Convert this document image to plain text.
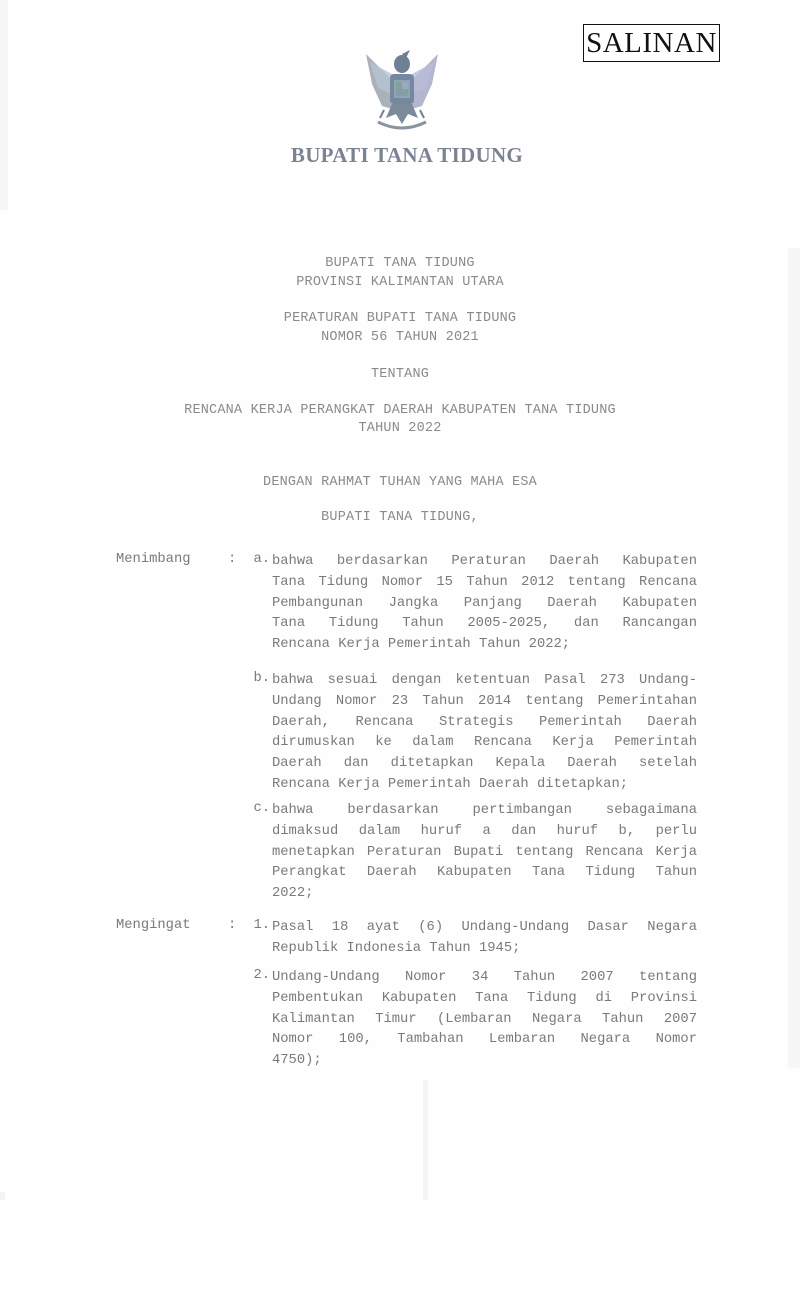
SALINAN
BUPATI TANA TIDUNG
BUPATI TANA TIDUNG
PROVINSI KALIMANTAN UTARA
PERATURAN BUPATI TANA TIDUNG
NOMOR 56 TAHUN 2021
TENTANG
RENCANA KERJA PERANGKAT DAERAH KABUPATEN TANA TIDUNG
TAHUN 2022
DENGAN RAHMAT TUHAN YANG MAHA ESA
BUPATI TANA TIDUNG,
Menimbang	: a. bahwa berdasarkan Peraturan Daerah Kabupaten
Tana Tidung Nomor 15 Tahun 2012 tentang Rencana
Pembangunan Jangka Panjang Daerah Kabupaten
Tana Tidung Tahun 2005-2025, dan Rancangan
Rencana Kerja Pemerintah Tahun 2022;
b. bahwa sesuai dengan ketentuan Pasal 273 Undang-
Undang Nomor 23 Tahun 2014 tentang Pemerintahan
Daerah, Rencana Strategis Pemerintah Daerah
dirumuskan ke dalam Rencana Kerja Pemerintah
Daerah dan ditetapkan Kepala Daerah setelah
Rencana Kerja Pemerintah Daerah ditetapkan;
c. bahwa berdasarkan pertimbangan sebagaimana
dimaksud dalam huruf a dan huruf b, perlu
menetapkan Peraturan Bupati tentang Rencana Kerja
Perangkat Daerah Kabupaten Tana Tidung Tahun
2022;
Mengingat	: 1. Pasal 18 ayat (6) Undang-Undang Dasar Negara
Republik Indonesia Tahun 1945;
2. Undang-Undang Nomor 34 Tahun 2007 tentang
Pembentukan Kabupaten Tana Tidung di Provinsi
Kalimantan Timur (Lembaran Negara Tahun 2007
Nomor 100, Tambahan Lembaran Negara Nomor
4750);
